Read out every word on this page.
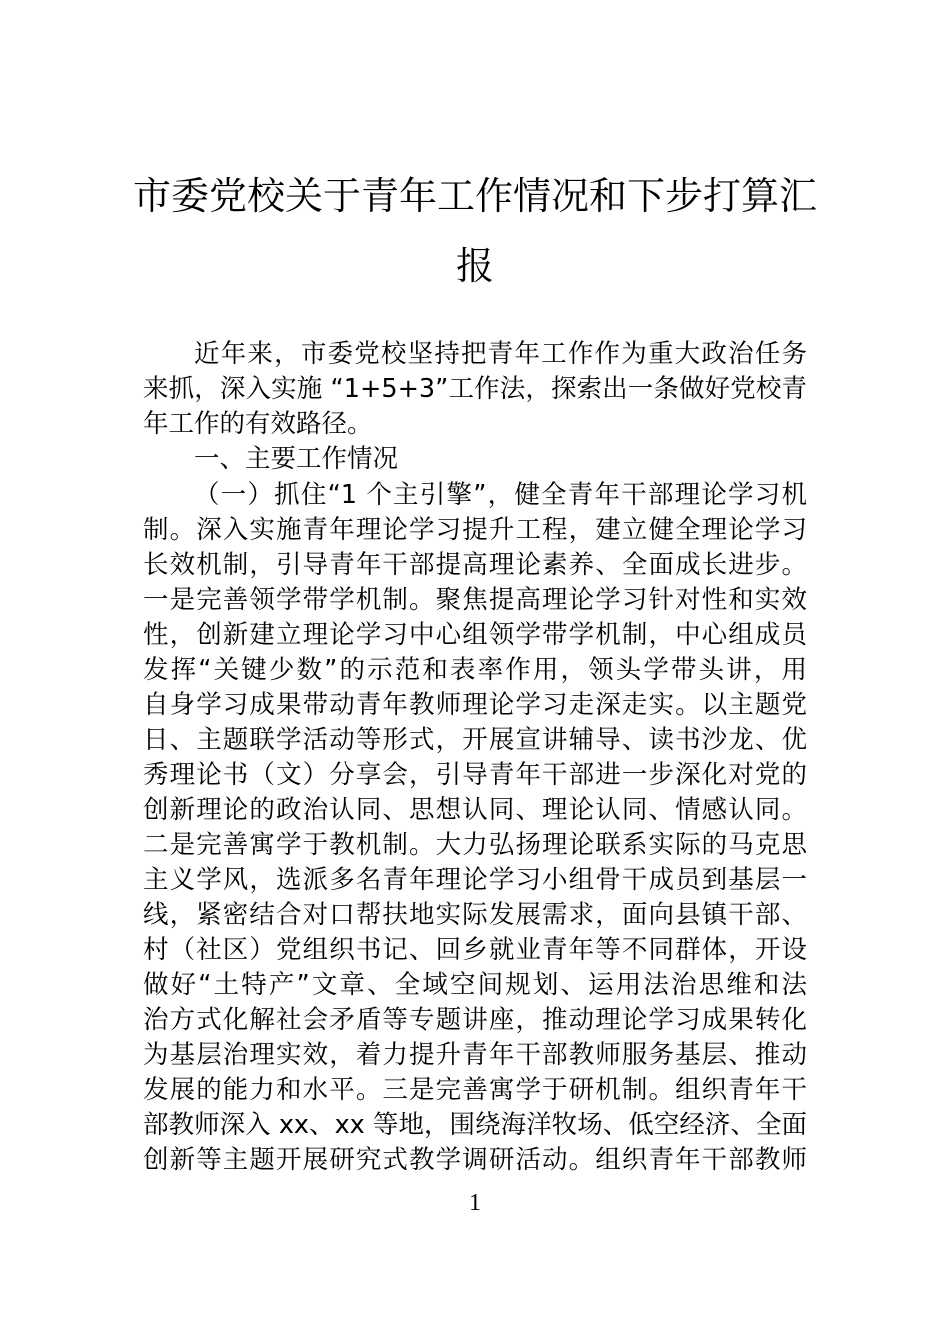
市委党校关于青年工作情况和下步打算汇
报

近年来，市委党校坚持把青年工作作为重大政治任务

来抓，深入实施 “1+5+3”工作法，探索出一条做好党校青

年工作的有效路径。

一、主要工作情况

（一）抓住“1 个主引擎”，健全青年干部理论学习机

制。深入实施青年理论学习提升工程，建立健全理论学习

长效机制，引导青年干部提高理论素养、全面成长进步。

一是完善领学带学机制。聚焦提高理论学习针对性和实效

性，创新建立理论学习中心组领学带学机制，中心组成员

发挥“关键少数”的示范和表率作用，领头学带头讲，用

自身学习成果带动青年教师理论学习走深走实。以主题党

日、主题联学活动等形式，开展宣讲辅导、读书沙龙、优

秀理论书（文）分享会，引导青年干部进一步深化对党的

创新理论的政治认同、思想认同、理论认同、情感认同。

二是完善寓学于教机制。大力弘扬理论联系实际的马克思

主义学风，选派多名青年理论学习小组骨干成员到基层一

线，紧密结合对口帮扶地实际发展需求，面向县镇干部、

村（社区）党组织书记、回乡就业青年等不同群体，开设

做好“土特产”文章、全域空间规划、运用法治思维和法

治方式化解社会矛盾等专题讲座，推动理论学习成果转化

为基层治理实效，着力提升青年干部教师服务基层、推动

发展的能力和水平。三是完善寓学于研机制。组织青年干

部教师深入 xx、xx 等地，围绕海洋牧场、低空经济、全面

创新等主题开展研究式教学调研活动。组织青年干部教师

1
